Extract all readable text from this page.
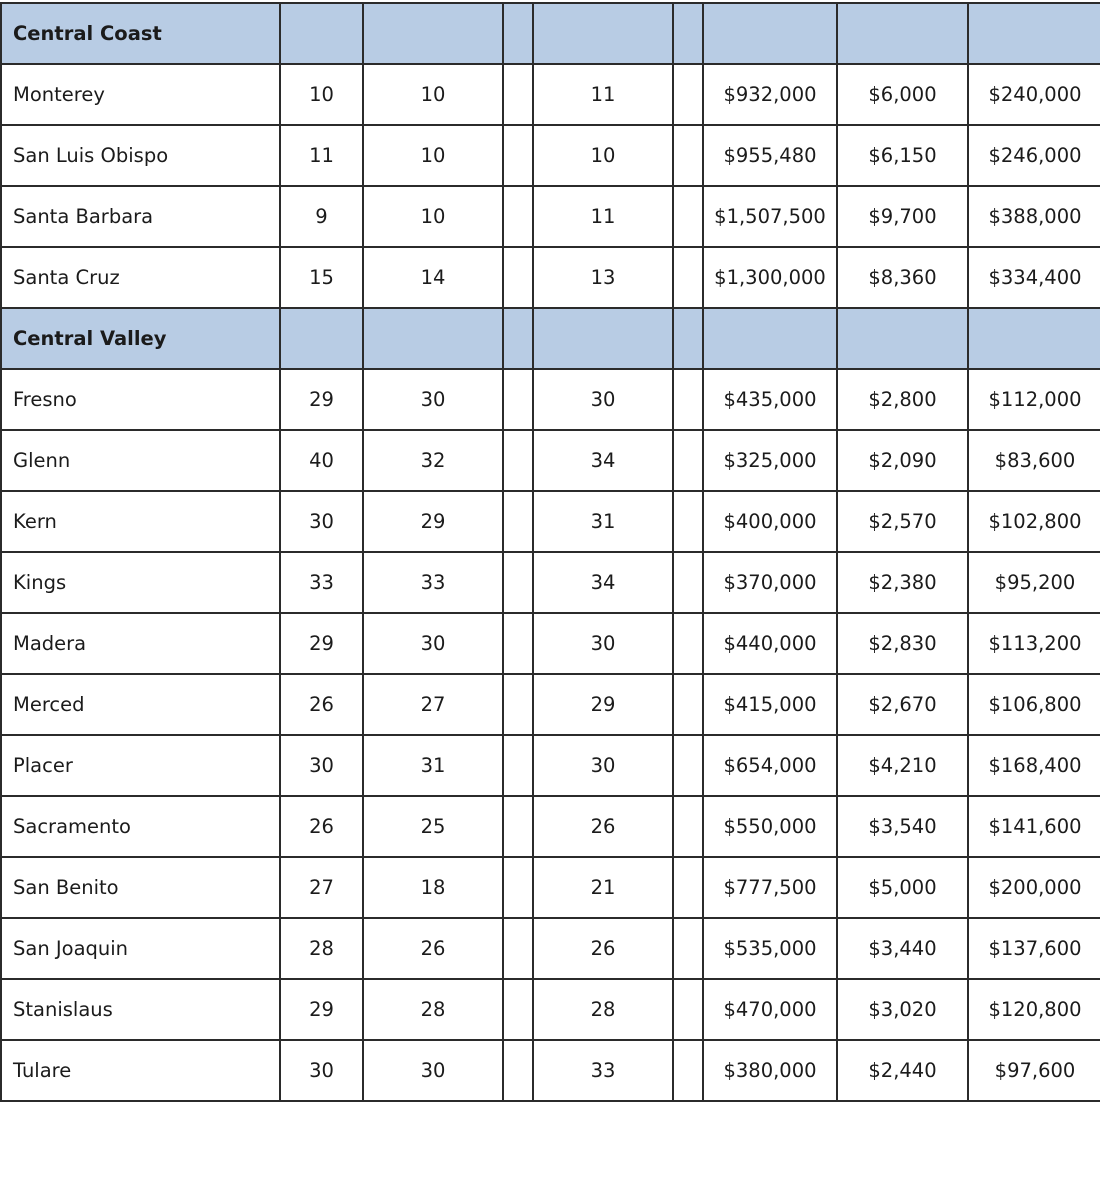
Central Coast								
Monterey	10	10		11		$932,000	$6,000	$240,000
San Luis Obispo	11	10		10		$955,480	$6,150	$246,000
Santa Barbara	9	10		11		$1,507,500	$9,700	$388,000
Santa Cruz	15	14		13		$1,300,000	$8,360	$334,400
Central Valley								
Fresno	29	30		30		$435,000	$2,800	$112,000
Glenn	40	32		34		$325,000	$2,090	$83,600
Kern	30	29		31		$400,000	$2,570	$102,800
Kings	33	33		34		$370,000	$2,380	$95,200
Madera	29	30		30		$440,000	$2,830	$113,200
Merced	26	27		29		$415,000	$2,670	$106,800
Placer	30	31		30		$654,000	$4,210	$168,400
Sacramento	26	25		26		$550,000	$3,540	$141,600
San Benito	27	18		21		$777,500	$5,000	$200,000
San Joaquin	28	26		26		$535,000	$3,440	$137,600
Stanislaus	29	28		28		$470,000	$3,020	$120,800
Tulare	30	30		33		$380,000	$2,440	$97,600
